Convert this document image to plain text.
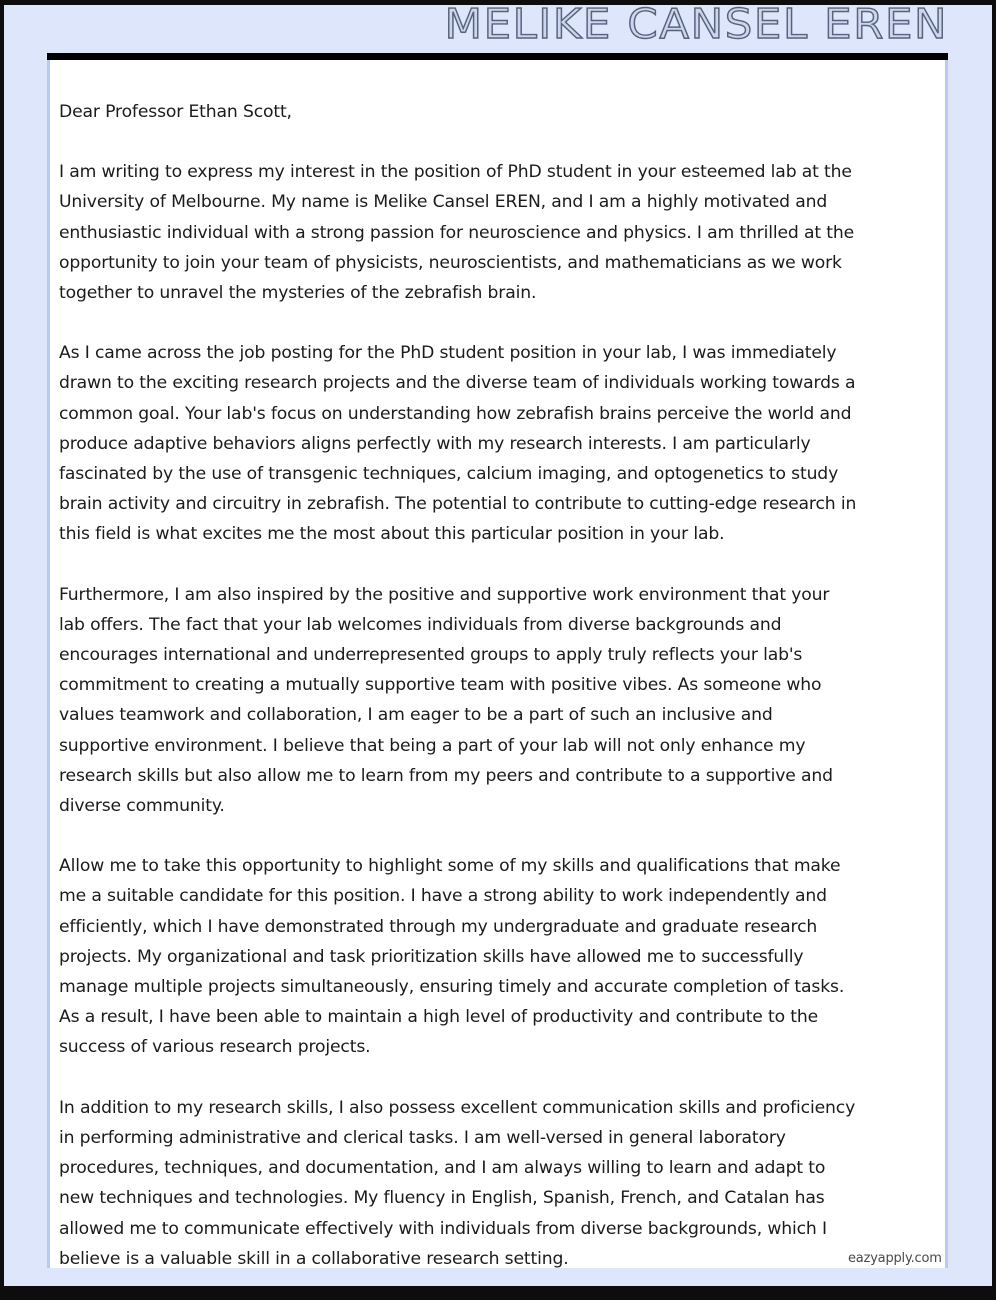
MELIKE CANSEL EREN

Dear Professor Ethan Scott,

I am writing to express my interest in the position of PhD student in your esteemed lab at the University of Melbourne. My name is Melike Cansel EREN, and I am a highly motivated and enthusiastic individual with a strong passion for neuroscience and physics. I am thrilled at the opportunity to join your team of physicists, neuroscientists, and mathematicians as we work together to unravel the mysteries of the zebrafish brain.

As I came across the job posting for the PhD student position in your lab, I was immediately drawn to the exciting research projects and the diverse team of individuals working towards a common goal. Your lab's focus on understanding how zebrafish brains perceive the world and produce adaptive behaviors aligns perfectly with my research interests. I am particularly fascinated by the use of transgenic techniques, calcium imaging, and optogenetics to study brain activity and circuitry in zebrafish. The potential to contribute to cutting-edge research in this field is what excites me the most about this particular position in your lab.

Furthermore, I am also inspired by the positive and supportive work environment that your lab offers. The fact that your lab welcomes individuals from diverse backgrounds and encourages international and underrepresented groups to apply truly reflects your lab's commitment to creating a mutually supportive team with positive vibes. As someone who values teamwork and collaboration, I am eager to be a part of such an inclusive and supportive environment. I believe that being a part of your lab will not only enhance my research skills but also allow me to learn from my peers and contribute to a supportive and diverse community.

Allow me to take this opportunity to highlight some of my skills and qualifications that make me a suitable candidate for this position. I have a strong ability to work independently and efficiently, which I have demonstrated through my undergraduate and graduate research projects. My organizational and task prioritization skills have allowed me to successfully manage multiple projects simultaneously, ensuring timely and accurate completion of tasks. As a result, I have been able to maintain a high level of productivity and contribute to the success of various research projects.

In addition to my research skills, I also possess excellent communication skills and proficiency in performing administrative and clerical tasks. I am well-versed in general laboratory procedures, techniques, and documentation, and I am always willing to learn and adapt to new techniques and technologies. My fluency in English, Spanish, French, and Catalan has allowed me to communicate effectively with individuals from diverse backgrounds, which I believe is a valuable skill in a collaborative research setting.	eazyapply.com
